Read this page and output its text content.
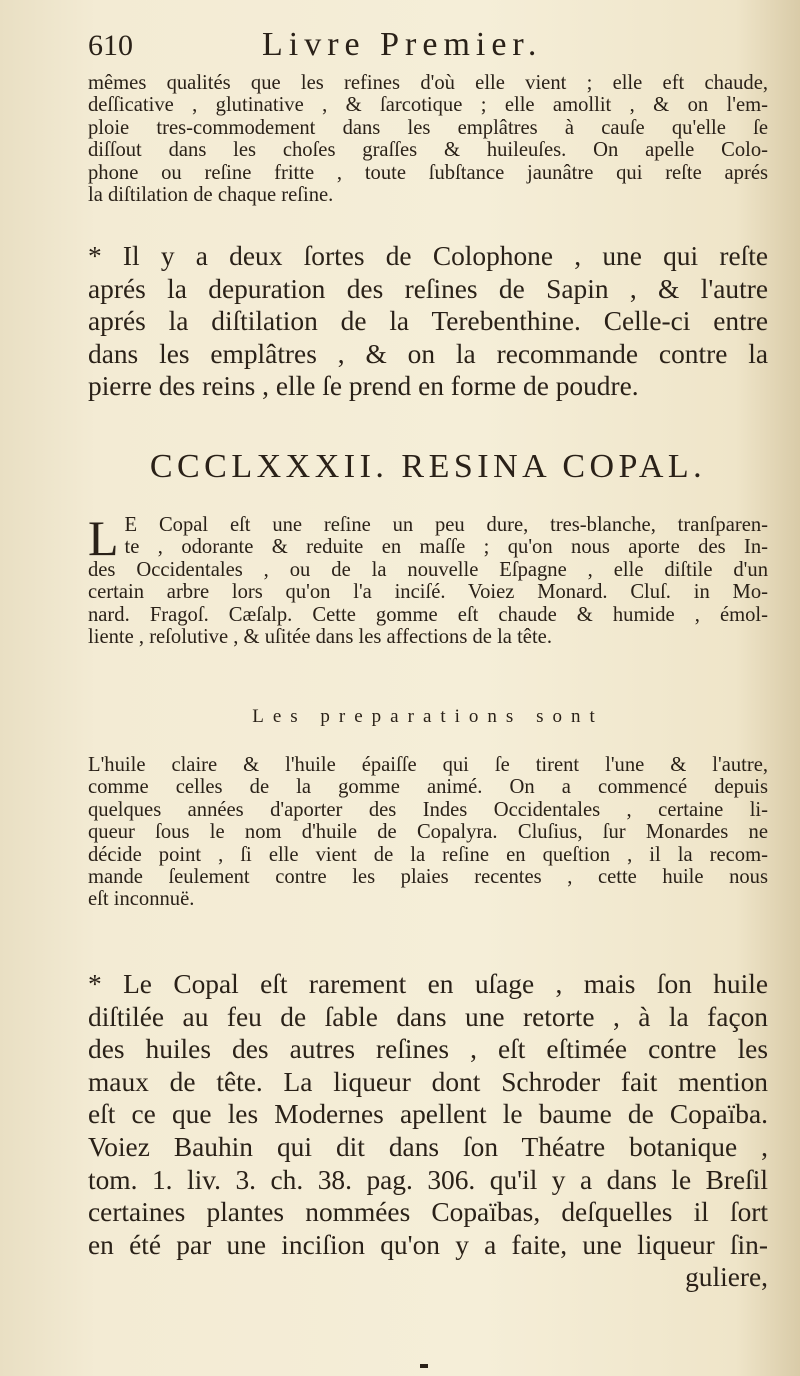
610	Livre Premier.

mêmes qualités que les refines d'où elle vient ; elle eft chaude,
deſſicative , glutinative , & ſarcotique ; elle amollit , & on l'em-
ploie tres-commodement dans les emplâtres à cauſe qu'elle ſe
diſſout dans les choſes graſſes & huileuſes. On apelle Colo-
phone ou reſine fritte , toute ſubſtance jaunâtre qui reſte aprés
la diſtilation de chaque reſine.

* Il y a deux ſortes de Colophone , une qui reſte
aprés la depuration des reſines de Sapin , & l'autre
aprés la diſtilation de la Terebenthine. Celle-ci entre
dans les emplâtres , & on la recommande contre la
pierre des reins , elle ſe prend en forme de poudre.

CCCLXXXII. RESINA COPAL.

L E Copal eſt une reſine un peu dure, tres-blanche, tranſparen-
te , odorante & reduite en maſſe ; qu'on nous aporte des In-
des Occidentales , ou de la nouvelle Eſpagne , elle diſtile d'un
certain arbre lors qu'on l'a inciſé. Voiez Monard. Cluſ. in Mo-
nard. Fragoſ. Cæſalp. Cette gomme eſt chaude & humide , émol-
liente , reſolutive , & uſitée dans les affections de la tête.

Les preparations sont

L'huile claire & l'huile épaiſſe qui ſe tirent l'une & l'autre,
comme celles de la gomme animé. On a commencé depuis
quelques années d'aporter des Indes Occidentales , certaine li-
queur ſous le nom d'huile de Copalyra. Cluſius, ſur Monardes ne
décide point , ſi elle vient de la reſine en queſtion , il la recom-
mande ſeulement contre les plaies recentes , cette huile nous
eſt inconnuë.

* Le Copal eſt rarement en uſage , mais ſon huile
diſtilée au feu de ſable dans une retorte , à la façon
des huiles des autres reſines , eſt eſtimée contre les
maux de tête. La liqueur dont Schroder fait mention
eſt ce que les Modernes apellent le baume de Copaïba.
Voiez Bauhin qui dit dans ſon Théatre botanique ,
tom. 1. liv. 3. ch. 38. pag. 306. qu'il y a dans le Breſil
certaines plantes nommées Copaïbas, deſquelles il ſort
en été par une inciſion qu'on y a faite, une liqueur ſin-

guliere,
